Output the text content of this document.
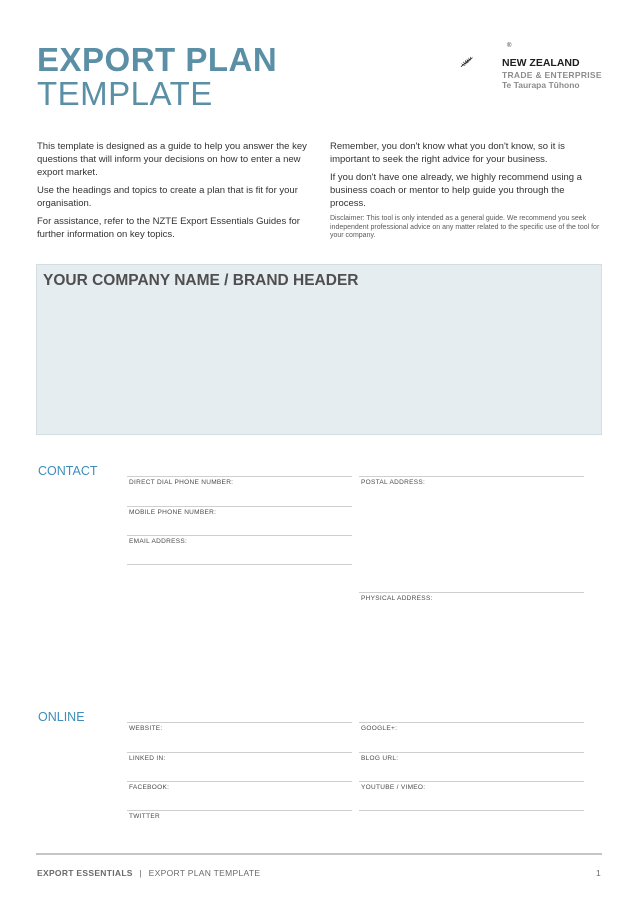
EXPORT PLAN
TEMPLATE
®
NEW ZEALAND
TRADE & ENTERPRISE
Te Taurapa Tūhono

This template is designed as a guide to help you answer the key questions that will inform your decisions on how to enter a new export market.

Use the headings and topics to create a plan that is fit for your organisation.

For assistance, refer to the NZTE Export Essentials Guides for further information on key topics.

Remember, you don't know what you don't know, so it is important to seek the right advice for your business.

If you don't have one already, we highly recommend using a business coach or mentor to help guide you through the process.

Disclaimer: This tool is only intended as a general guide. We recommend you seek independent professional advice on any matter related to the specific use of the tool for your company.
YOUR COMPANY NAME / BRAND HEADER
CONTACT
DIRECT DIAL PHONE NUMBER:
MOBILE PHONE NUMBER:
EMAIL ADDRESS:
POSTAL ADDRESS:
PHYSICAL ADDRESS:
ONLINE
WEBSITE:
LINKED IN:
FACEBOOK:
TWITTER
GOOGLE+:
BLOG URL:
YOUTUBE / VIMEO:
EXPORT ESSENTIALS | EXPORT PLAN TEMPLATE	1
